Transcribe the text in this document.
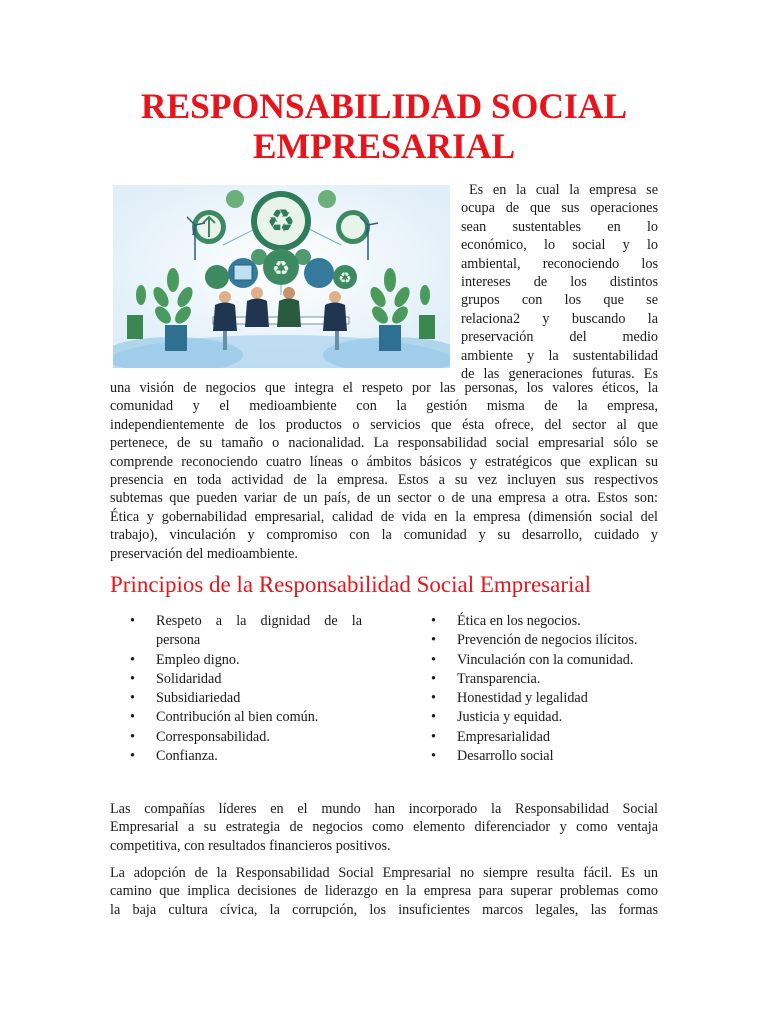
RESPONSABILIDAD SOCIAL
EMPRESARIAL
♻
♻	♻
Es en la cual la empresa se
ocupa de que sus operaciones
sean sustentables en lo
económico, lo social y lo
ambiental, reconociendo los
intereses de los distintos
grupos con los que se
relaciona2 y buscando la
preservación del medio
ambiente y la sustentabilidad
de las generaciones futuras. Es
una visión de negocios que integra el respeto por las personas, los valores éticos, la
comunidad y el medioambiente con la gestión misma de la empresa,
independientemente de los productos o servicios que ésta ofrece, del sector al que
pertenece, de su tamaño o nacionalidad. La responsabilidad social empresarial sólo se
comprende reconociendo cuatro líneas o ámbitos básicos y estratégicos que explican su
presencia en toda actividad de la empresa. Estos a su vez incluyen sus respectivos
subtemas que pueden variar de un país, de un sector o de una empresa a otra. Estos son:
Ética y gobernabilidad empresarial, calidad de vida en la empresa (dimensión social del
trabajo), vinculación y compromiso con la comunidad y su desarrollo, cuidado y
preservación del medioambiente.
Principios de la Responsabilidad Social Empresarial
• Respeto a la dignidad de la
persona
• Empleo digno.
• Solidaridad
• Subsidiariedad
• Contribución al bien común.
• Corresponsabilidad.
• Confianza.
• Ética en los negocios.
• Prevención de negocios ilícitos.
• Vinculación con la comunidad.
• Transparencia.
• Honestidad y legalidad
• Justicia y equidad.
• Empresarialidad
• Desarrollo social
Las compañías líderes en el mundo han incorporado la Responsabilidad Social
Empresarial a su estrategia de negocios como elemento diferenciador y como ventaja
competitiva, con resultados financieros positivos.
La adopción de la Responsabilidad Social Empresarial no siempre resulta fácil. Es un
camino que implica decisiones de liderazgo en la empresa para superar problemas como
la baja cultura cívica, la corrupción, los insuficientes marcos legales, las formas
